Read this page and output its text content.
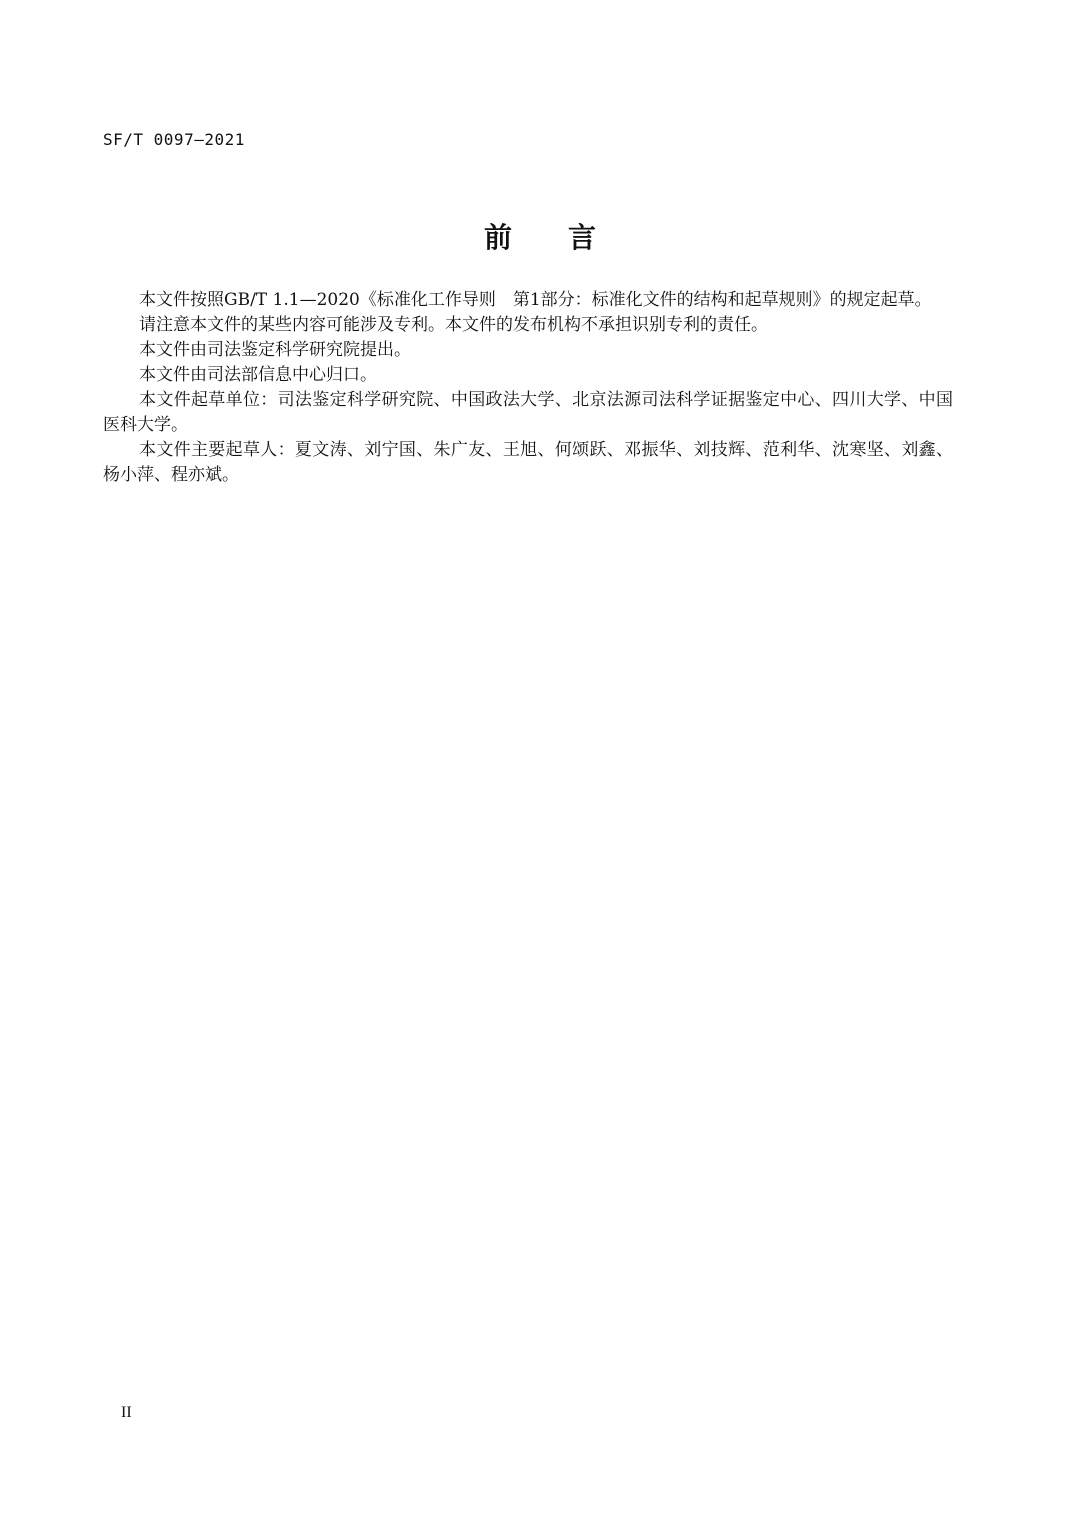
SF/T 0097—2021
前　　言

本文件按照GB/T 1.1—2020《标准化工作导则　第1部分：标准化文件的结构和起草规则》的规定起草。

请注意本文件的某些内容可能涉及专利。本文件的发布机构不承担识别专利的责任。

本文件由司法鉴定科学研究院提出。

本文件由司法部信息中心归口。

本文件起草单位：司法鉴定科学研究院、中国政法大学、北京法源司法科学证据鉴定中心、四川大学、中国医科大学。

本文件主要起草人：夏文涛、刘宁国、朱广友、王旭、何颂跃、邓振华、刘技辉、范利华、沈寒坚、刘鑫、杨小萍、程亦斌。

II
